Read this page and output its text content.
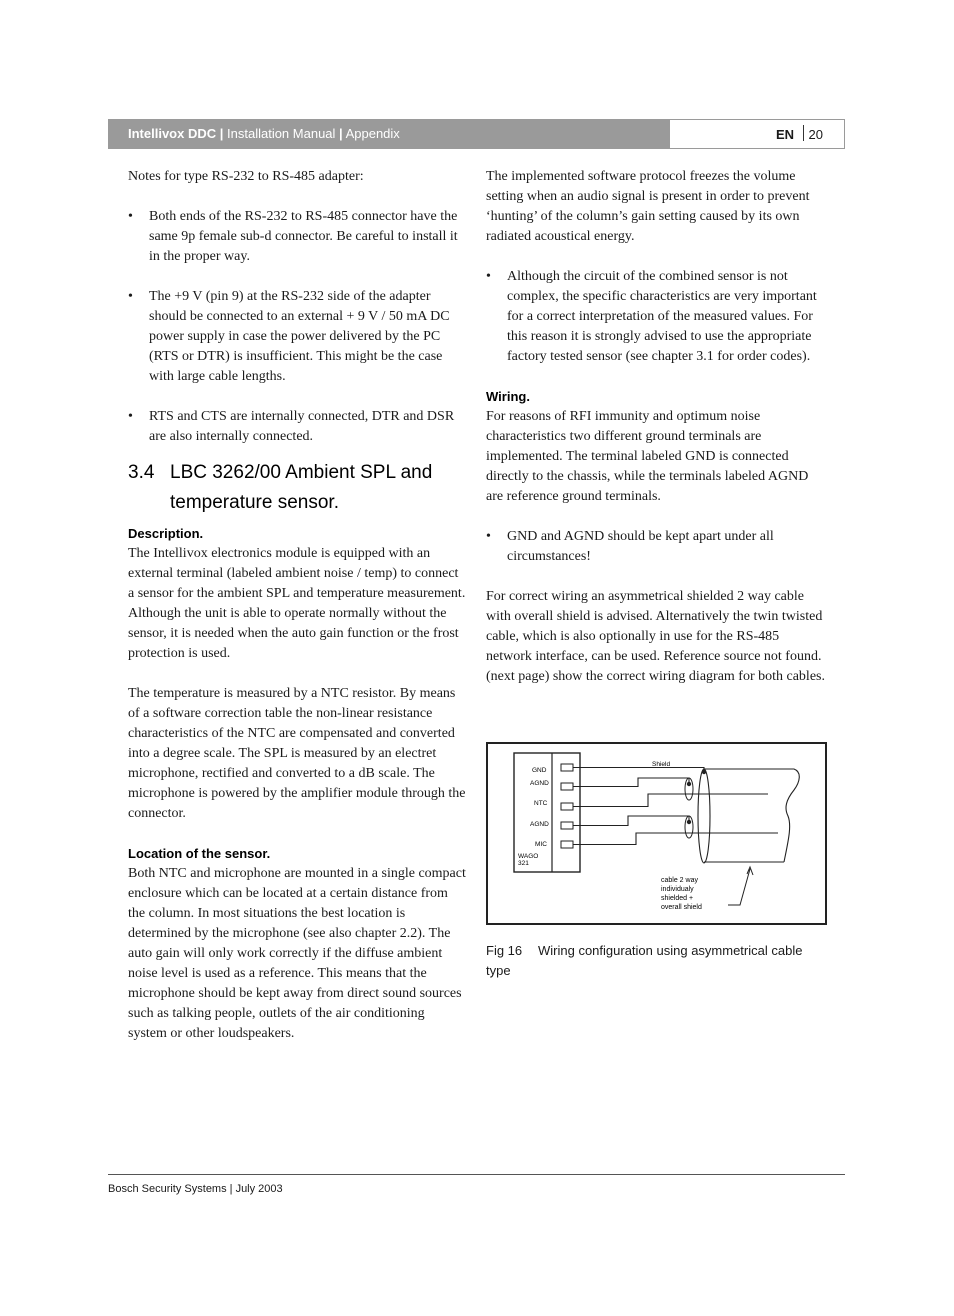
Intellivox DDC | Installation Manual | Appendix	EN 20

Notes for type RS-232 to RS-485 adapter:

• Both ends of the RS-232 to RS-485 connector have the same 9p female sub-d connector. Be careful to install it in the proper way.

• The +9 V (pin 9) at the RS-232 side of the adapter should be connected to an external + 9 V / 50 mA DC power supply in case the power delivered by the PC (RTS or DTR) is insufficient. This might be the case with large cable lengths.

• RTS and CTS are internally connected, DTR and DSR are also internally connected.

3.4 LBC 3262/00 Ambient SPL and temperature sensor.
Description.

The Intellivox electronics module is equipped with an external terminal (labeled ambient noise / temp) to connect a sensor for the ambient SPL and temperature measurement. Although the unit is able to operate normally without the sensor, it is needed when the auto gain function or the frost protection is used.

The temperature is measured by a NTC resistor. By means of a software correction table the non-linear resistance characteristics of the NTC are compensated and converted into a degree scale. The SPL is measured by an electret microphone, rectified and converted to a dB scale. The microphone is powered by the amplifier module through the connector.

Location of the sensor.

Both NTC and microphone are mounted in a single compact enclosure which can be located at a certain distance from the column. In most situations the best location is determined by the microphone (see also chapter 2.2). The auto gain will only work correctly if the diffuse ambient noise level is used as a reference. This means that the microphone should be kept away from direct sound sources such as talking people, outlets of the air conditioning system or other loudspeakers.

The implemented software protocol freezes the volume setting when an audio signal is present in order to prevent ‘hunting’ of the column’s gain setting caused by its own radiated acoustical energy.

• Although the circuit of the combined sensor is not complex, the specific characteristics are very important for a correct interpretation of the measured values. For this reason it is strongly advised to use the appropriate factory tested sensor (see chapter 3.1 for order codes).

Wiring.

For reasons of RFI immunity and optimum noise characteristics two different ground terminals are implemented. The terminal labeled GND is connected directly to the chassis, while the terminals labeled AGND are reference ground terminals.

• GND and AGND should be kept apart under all circumstances!

For correct wiring an asymmetrical shielded 2 way cable with overall shield is advised. Alternatively the twin twisted cable, which is also optionally in use for the RS-485 network interface, can be used. Reference source not found. (next page) show the correct wiring diagram for both cables.

GND
AGND
NTC
AGND
MIC
WAGO
321
Shield
cable 2 way
individualy
shielded +
overall shield
Fig 16 Wiring configuration using asymmetrical cable type
Bosch Security Systems | July 2003
